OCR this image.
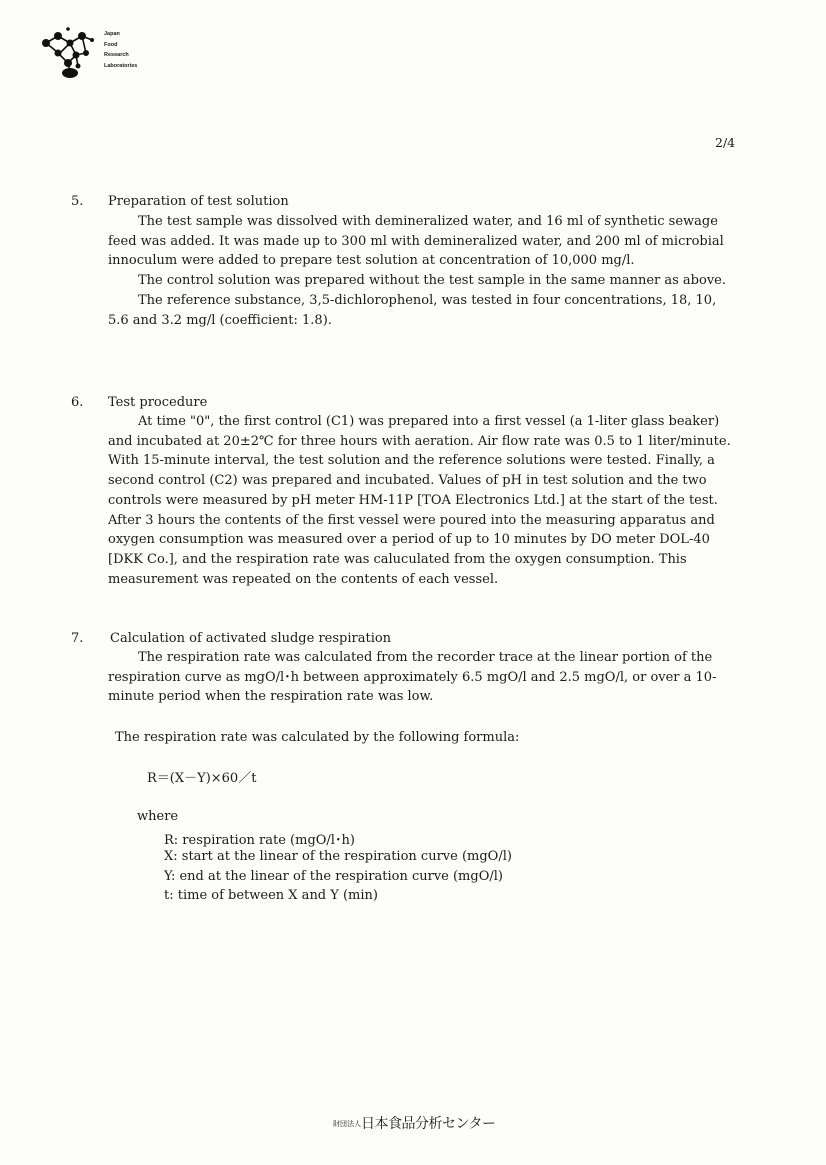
Japan
Food
Research
Laboratories
2/4
5. Preparation of test solution

The test sample was dissolved with demineralized water, and 16 ml of synthetic sewage feed was added. It was made up to 300 ml with demineralized water, and 200 ml of microbial innoculum were added to prepare test solution at concentration of 10,000 mg/l.

The control solution was prepared without the test sample in the same manner as above.

The reference substance, 3,5-dichlorophenol, was tested in four concentrations, 18, 10, 5.6 and 3.2 mg/l (coefficient: 1.8).

6. Test procedure

At time "0", the first control (C1) was prepared into a first vessel (a 1-liter glass beaker) and incubated at 20±2℃ for three hours with aeration. Air flow rate was 0.5 to 1 liter/minute. With 15-minute interval, the test solution and the reference solutions were tested. Finally, a second control (C2) was prepared and incubated. Values of pH in test solution and the two controls were measured by pH meter HM-11P [TOA Electronics Ltd.] at the start of the test. After 3 hours the contents of the first vessel were poured into the measuring apparatus and oxygen consumption was measured over a period of up to 10 minutes by DO meter DOL-40 [DKK Co.], and the respiration rate was caluculated from the oxygen consumption. This measurement was repeated on the contents of each vessel.

7. Calculation of activated sludge respiration

The respiration rate was calculated from the recorder trace at the linear portion of the respiration curve as mgO/l･h between approximately 6.5 mgO/l and 2.5 mgO/l, or over a 10-minute period when the respiration rate was low.

The respiration rate was calculated by the following formula:
R＝(X－Y)×60／t
where
R: respiration rate (mgO/l･h)
X: start at the linear of the respiration curve (mgO/l)
Y: end at the linear of the respiration curve (mgO/l)
t: time of between X and Y (min)
財団法人日本食品分析センター
